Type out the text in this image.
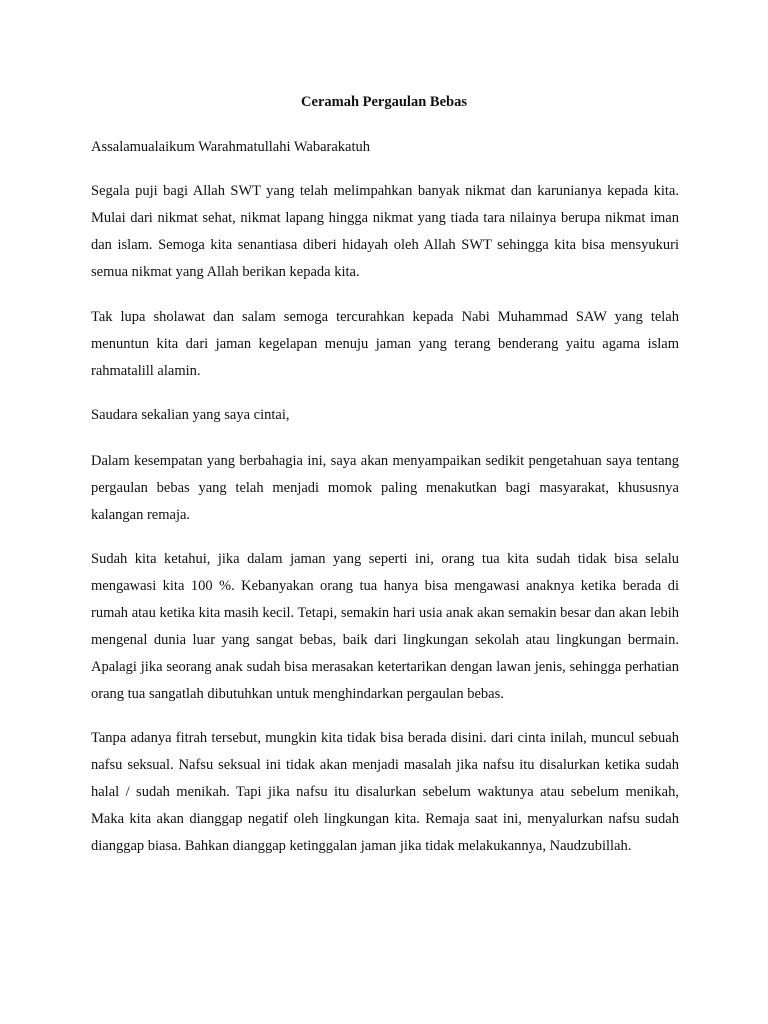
Ceramah Pergaulan Bebas

Assalamualaikum Warahmatullahi Wabarakatuh

Segala puji bagi Allah SWT yang telah melimpahkan banyak nikmat dan karunianya kepada kita. Mulai dari nikmat sehat, nikmat lapang hingga nikmat yang tiada tara nilainya berupa nikmat iman dan islam. Semoga kita senantiasa diberi hidayah oleh Allah SWT sehingga kita bisa mensyukuri semua nikmat yang Allah berikan kepada kita.

Tak lupa sholawat dan salam semoga tercurahkan kepada Nabi Muhammad SAW yang telah menuntun kita dari jaman kegelapan menuju jaman yang terang benderang yaitu agama islam rahmatalill alamin.

Saudara sekalian yang saya cintai,

Dalam kesempatan yang berbahagia ini, saya akan menyampaikan sedikit pengetahuan saya tentang pergaulan bebas yang telah menjadi momok paling menakutkan bagi masyarakat, khususnya kalangan remaja.

Sudah kita ketahui, jika dalam jaman yang seperti ini, orang tua kita sudah tidak bisa selalu mengawasi kita 100 %. Kebanyakan orang tua hanya bisa mengawasi anaknya ketika berada di rumah atau ketika kita masih kecil. Tetapi, semakin hari usia anak akan semakin besar dan akan lebih mengenal dunia luar yang sangat bebas, baik dari lingkungan sekolah atau lingkungan bermain. Apalagi jika seorang anak sudah bisa merasakan ketertarikan dengan lawan jenis, sehingga perhatian orang tua sangatlah dibutuhkan untuk menghindarkan pergaulan bebas.

Tanpa adanya fitrah tersebut, mungkin kita tidak bisa berada disini. dari cinta inilah, muncul sebuah nafsu seksual. Nafsu seksual ini tidak akan menjadi masalah jika nafsu itu disalurkan ketika sudah halal / sudah menikah. Tapi jika nafsu itu disalurkan sebelum waktunya atau sebelum menikah, Maka kita akan dianggap negatif oleh lingkungan kita. Remaja saat ini, menyalurkan nafsu sudah dianggap biasa. Bahkan dianggap ketinggalan jaman jika tidak melakukannya, Naudzubillah.
